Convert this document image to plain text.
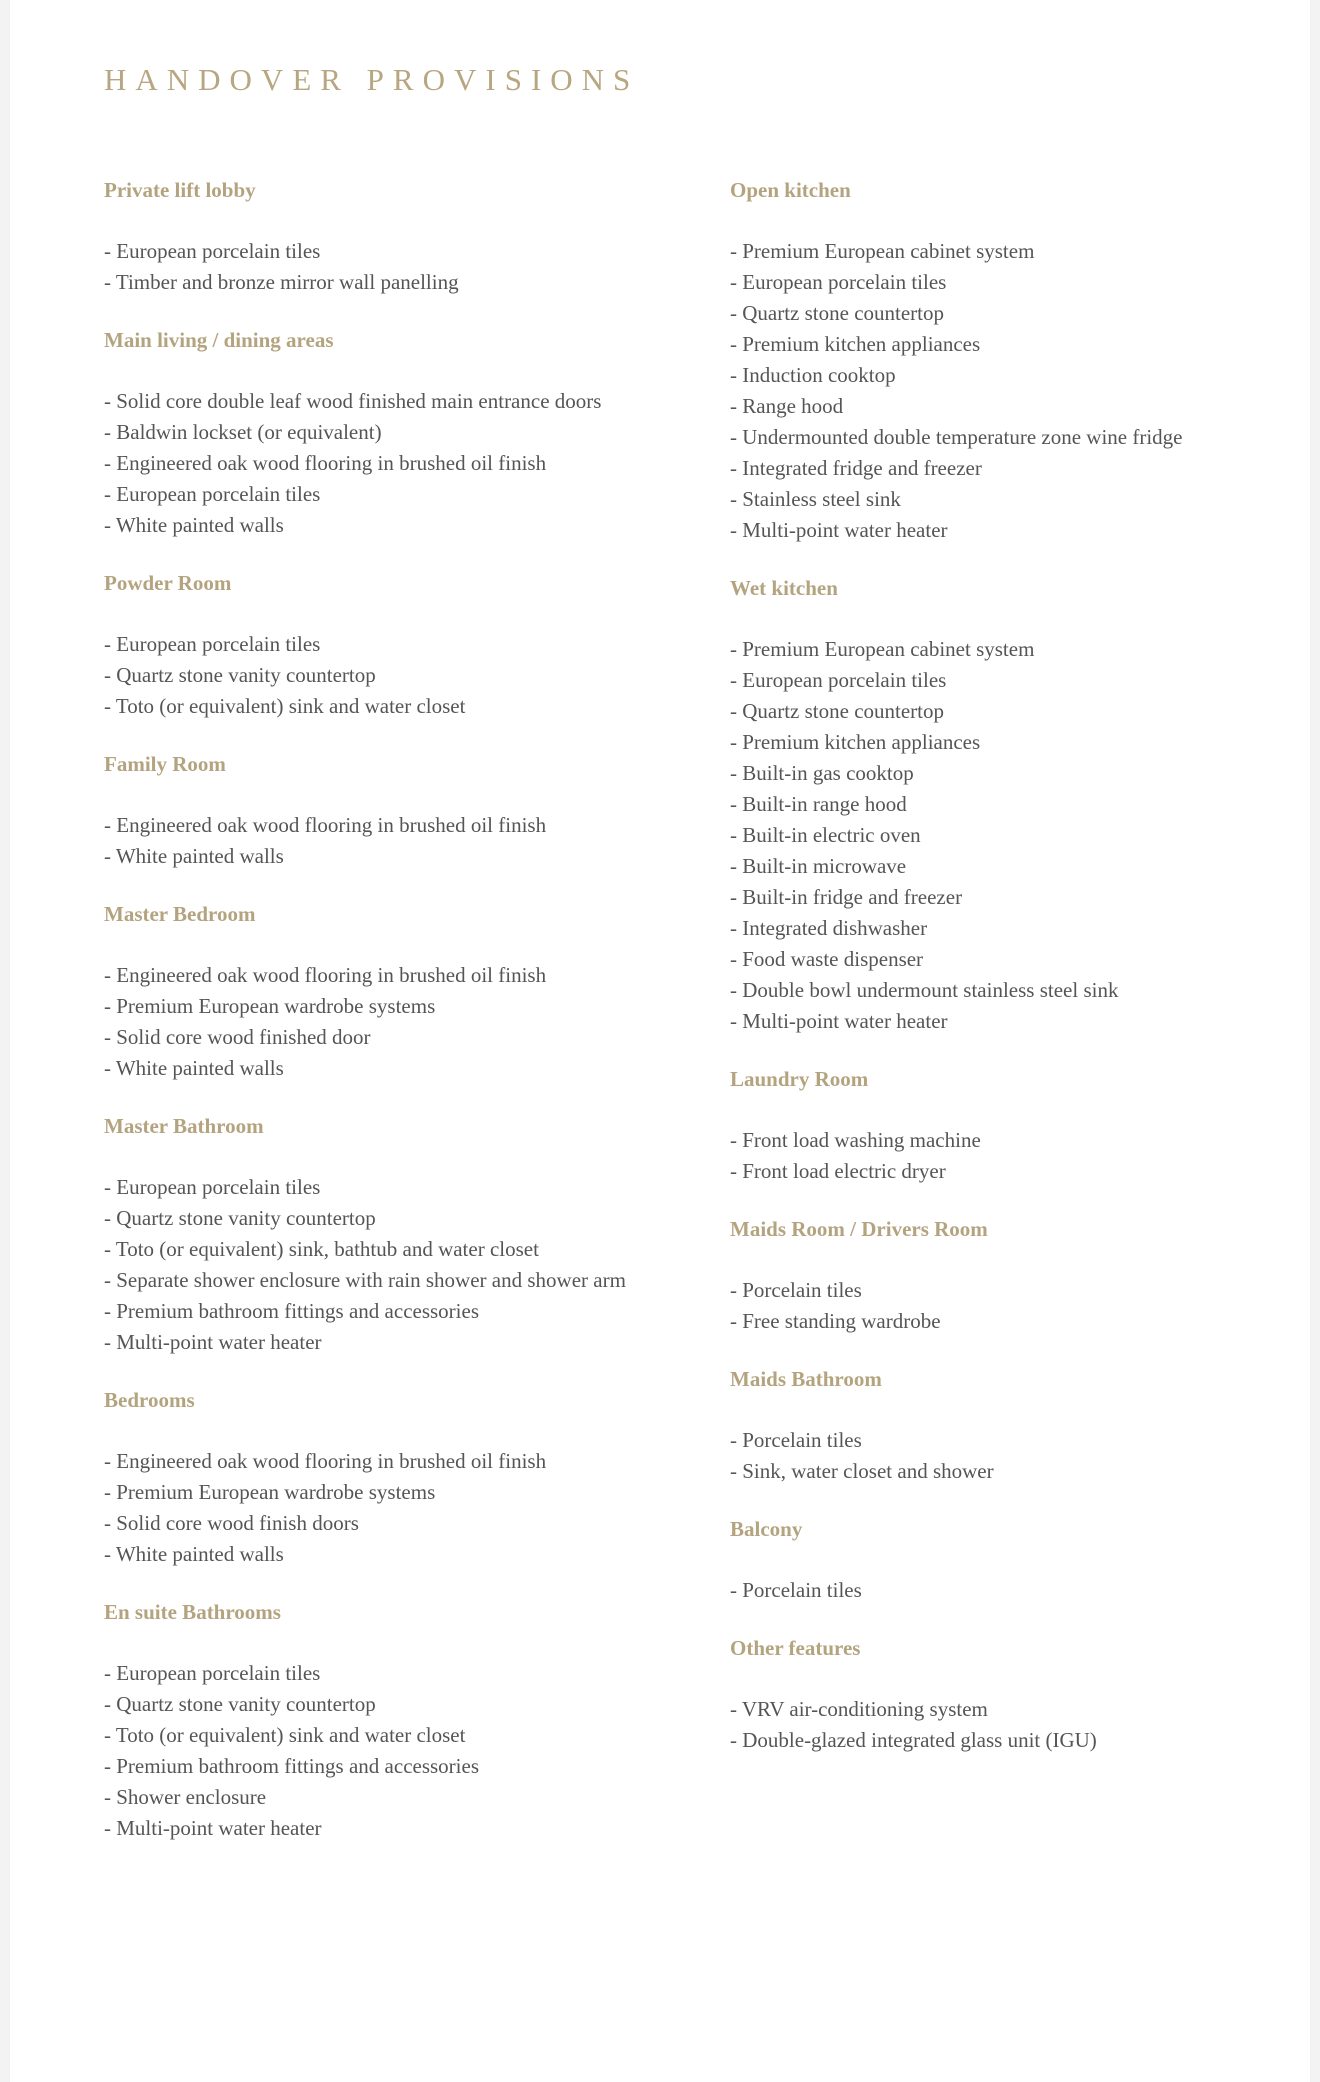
HANDOVER PROVISIONS
Private lift lobby
- European porcelain tiles
- Timber and bronze mirror wall panelling
Main living / dining areas
- Solid core double leaf wood finished main entrance doors
- Baldwin lockset (or equivalent)
- Engineered oak wood flooring in brushed oil finish
- European porcelain tiles
- White painted walls
Powder Room
- European porcelain tiles
- Quartz stone vanity countertop
- Toto (or equivalent) sink and water closet
Family Room
- Engineered oak wood flooring in brushed oil finish
- White painted walls
Master Bedroom
- Engineered oak wood flooring in brushed oil finish
- Premium European wardrobe systems
- Solid core wood finished door
- White painted walls
Master Bathroom
- European porcelain tiles
- Quartz stone vanity countertop
- Toto (or equivalent) sink, bathtub and water closet
- Separate shower enclosure with rain shower and shower arm
- Premium bathroom fittings and accessories
- Multi-point water heater
Bedrooms
- Engineered oak wood flooring in brushed oil finish
- Premium European wardrobe systems
- Solid core wood finish doors
- White painted walls
En suite Bathrooms
- European porcelain tiles
- Quartz stone vanity countertop
- Toto (or equivalent) sink and water closet
- Premium bathroom fittings and accessories
- Shower enclosure
- Multi-point water heater
Open kitchen
- Premium European cabinet system
- European porcelain tiles
- Quartz stone countertop
- Premium kitchen appliances
- Induction cooktop
- Range hood
- Undermounted double temperature zone wine fridge
- Integrated fridge and freezer
- Stainless steel sink
- Multi-point water heater
Wet kitchen
- Premium European cabinet system
- European porcelain tiles
- Quartz stone countertop
- Premium kitchen appliances
- Built-in gas cooktop
- Built-in range hood
- Built-in electric oven
- Built-in microwave
- Built-in fridge and freezer
- Integrated dishwasher
- Food waste dispenser
- Double bowl undermount stainless steel sink
- Multi-point water heater
Laundry Room
- Front load washing machine
- Front load electric dryer
Maids Room / Drivers Room
- Porcelain tiles
- Free standing wardrobe
Maids Bathroom
- Porcelain tiles
- Sink, water closet and shower
Balcony
- Porcelain tiles
Other features
- VRV air-conditioning system
- Double-glazed integrated glass unit (IGU)
